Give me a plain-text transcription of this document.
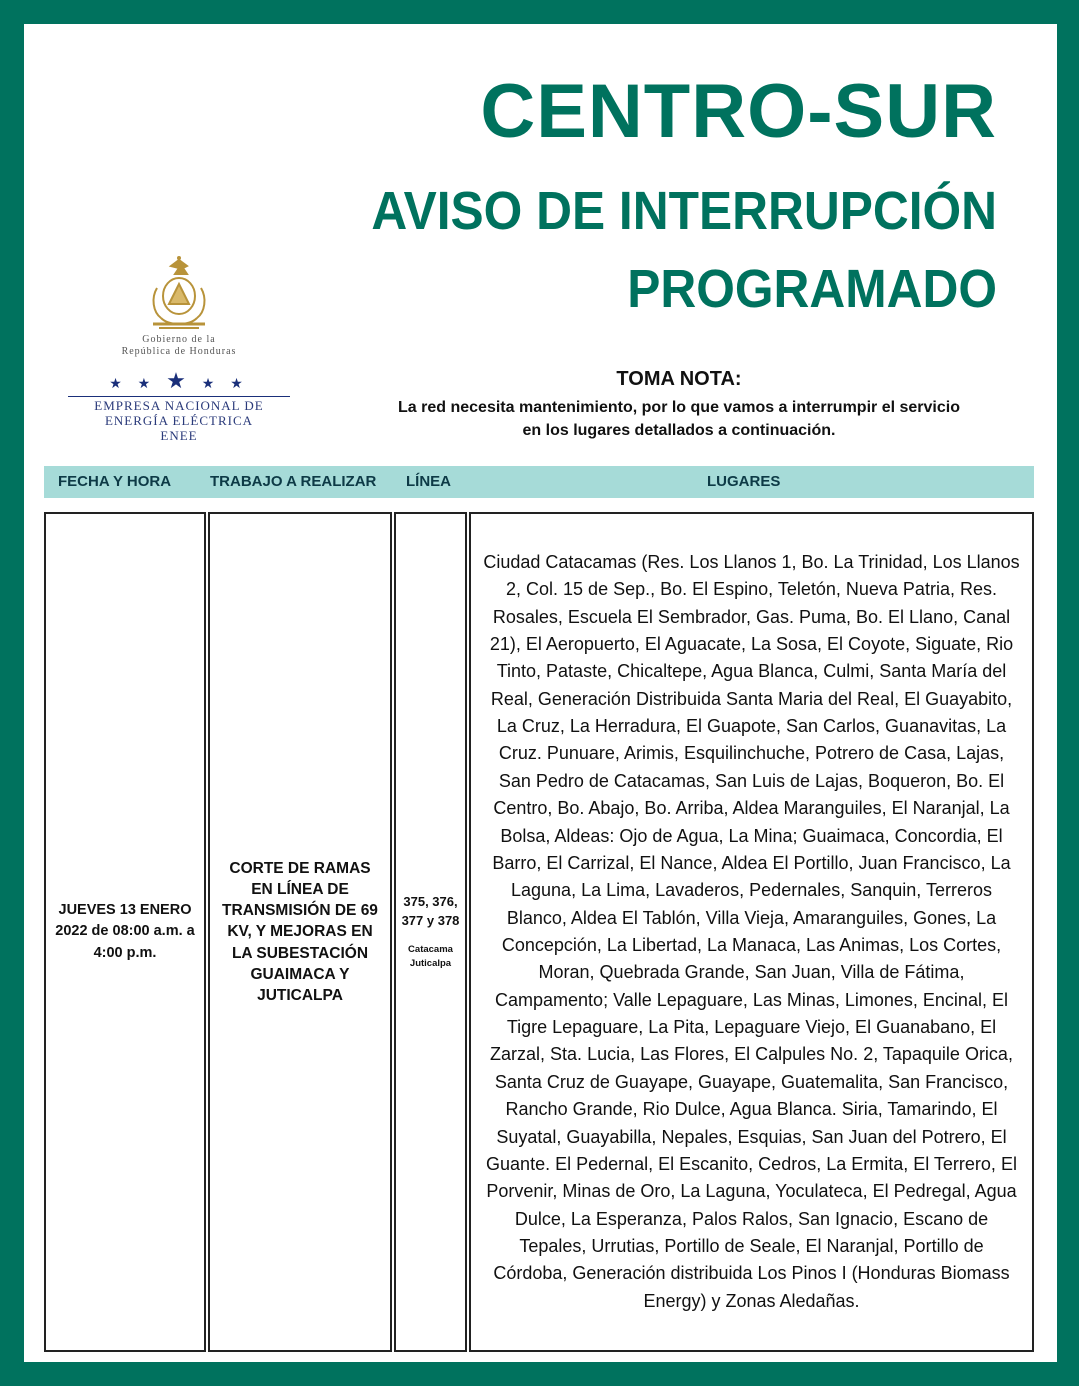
CENTRO-SUR
AVISO DE INTERRUPCIÓN
PROGRAMADO
Gobierno de la
República de Honduras
★ ★ ★ ★ ★
EMPRESA NACIONAL DE
ENERGÍA ELÉCTRICA
ENEE
TOMA NOTA:
La red necesita mantenimiento, por lo que vamos a interrumpir el servicio
en los lugares detallados a continuación.
FECHA Y HORA	TRABAJO A REALIZAR LÍNEA	LUGARES
JUEVES 13 ENERO 2022 de 08:00 a.m. a 4:00 p.m.
CORTE DE RAMAS EN LÍNEA DE TRANSMISIÓN DE 69 KV, Y MEJORAS EN LA SUBESTACIÓN GUAIMACA Y JUTICALPA
375, 376, 377 y 378
Catacama Juticalpa
Ciudad Catacamas (Res. Los Llanos 1, Bo. La Trinidad, Los Llanos 2, Col. 15 de Sep., Bo. El Espino, Teletón, Nueva Patria, Res. Rosales, Escuela El Sembrador, Gas. Puma, Bo. El Llano, Canal 21), El Aeropuerto, El Aguacate, La Sosa, El Coyote, Siguate, Rio Tinto, Pataste, Chicaltepe, Agua Blanca, Culmi, Santa María del Real, Generación Distribuida Santa Maria del Real, El Guayabito, La Cruz, La Herradura, El Guapote, San Carlos, Guanavitas, La Cruz. Punuare, Arimis, Esquilinchuche, Potrero de Casa, Lajas, San Pedro de Catacamas, San Luis de Lajas, Boqueron, Bo. El Centro, Bo. Abajo, Bo. Arriba, Aldea Maranguiles, El Naranjal, La Bolsa, Aldeas: Ojo de Agua, La Mina; Guaimaca, Concordia, El Barro, El Carrizal, El Nance, Aldea El Portillo, Juan Francisco, La Laguna, La Lima, Lavaderos, Pedernales, Sanquin, Terreros Blanco, Aldea El Tablón, Villa Vieja, Amaranguiles, Gones, La Concepción, La Libertad, La Manaca, Las Animas, Los Cortes, Moran, Quebrada Grande, San Juan, Villa de Fátima, Campamento; Valle Lepaguare, Las Minas, Limones, Encinal, El Tigre Lepaguare, La Pita, Lepaguare Viejo, El Guanabano, El Zarzal, Sta. Lucia, Las Flores, El Calpules No. 2, Tapaquile Orica, Santa Cruz de Guayape, Guayape, Guatemalita, San Francisco, Rancho Grande, Rio Dulce, Agua Blanca. Siria, Tamarindo, El Suyatal, Guayabilla, Nepales, Esquias, San Juan del Potrero, El Guante. El Pedernal, El Escanito, Cedros, La Ermita, El Terrero, El Porvenir, Minas de Oro, La Laguna, Yoculateca, El Pedregal, Agua Dulce, La Esperanza, Palos Ralos, San Ignacio, Escano de Tepales, Urrutias, Portillo de Seale, El Naranjal, Portillo de Córdoba, Generación distribuida Los Pinos I (Honduras Biomass Energy) y Zonas Aledañas.
